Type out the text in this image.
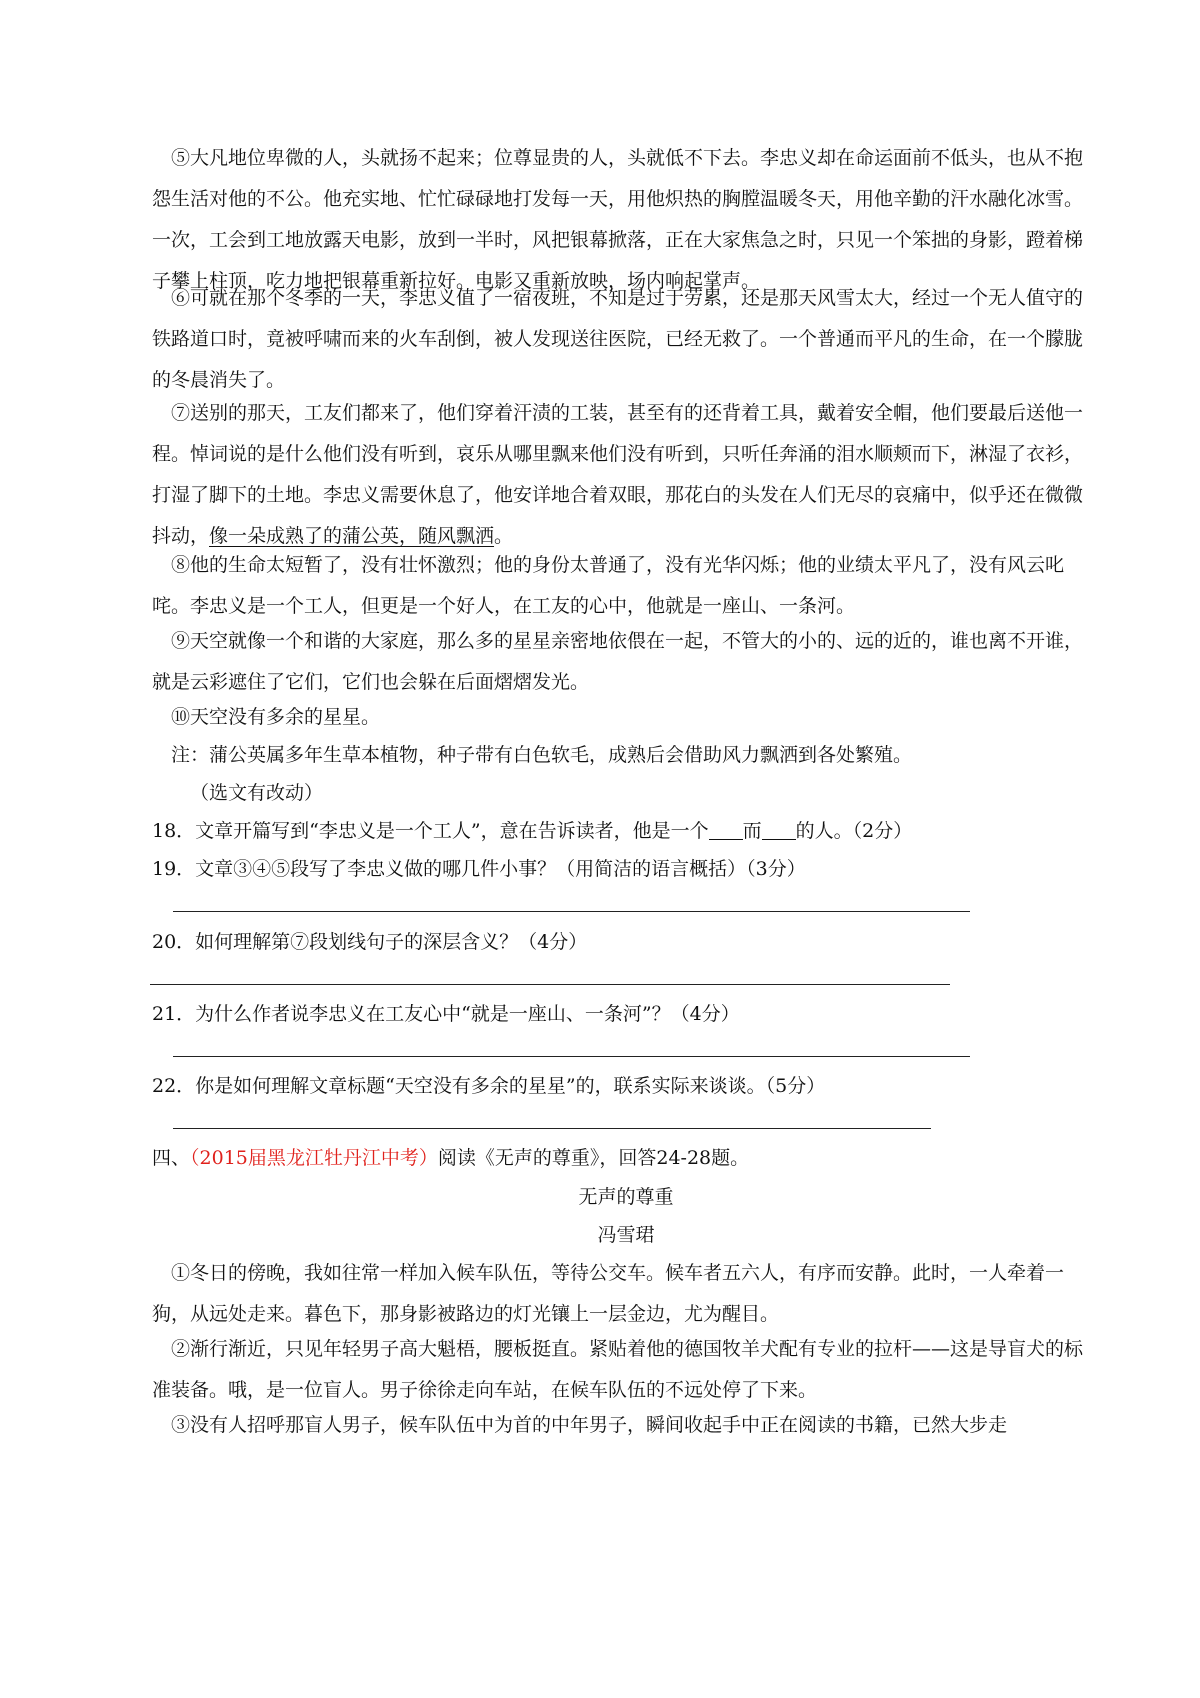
⑤大凡地位卑微的人，头就扬不起来；位尊显贵的人，头就低不下去。李忠义却在命运面前不低头，也从不抱怨生活对他的不公。他充实地、忙忙碌碌地打发每一天，用他炽热的胸膛温暖冬天，用他辛勤的汗水融化冰雪。一次，工会到工地放露天电影，放到一半时，风把银幕掀落，正在大家焦急之时，只见一个笨拙的身影，蹬着梯子攀上柱顶，吃力地把银幕重新拉好。电影又重新放映，场内响起掌声。

⑥可就在那个冬季的一天，李忠义值了一宿夜班，不知是过于劳累，还是那天风雪太大，经过一个无人值守的铁路道口时，竟被呼啸而来的火车刮倒，被人发现送往医院，已经无救了。一个普通而平凡的生命，在一个朦胧的冬晨消失了。

⑦送别的那天，工友们都来了，他们穿着汗渍的工装，甚至有的还背着工具，戴着安全帽，他们要最后送他一程。悼词说的是什么他们没有听到，哀乐从哪里飘来他们没有听到，只听任奔涌的泪水顺颊而下，淋湿了衣衫，打湿了脚下的土地。李忠义需要休息了，他安详地合着双眼，那花白的头发在人们无尽的哀痛中，似乎还在微微抖动，像一朵成熟了的蒲公英，随风飘洒。

⑧他的生命太短暂了，没有壮怀激烈；他的身份太普通了，没有光华闪烁；他的业绩太平凡了，没有风云叱咤。李忠义是一个工人，但更是一个好人，在工友的心中，他就是一座山、一条河。

⑨天空就像一个和谐的大家庭，那么多的星星亲密地依偎在一起，不管大的小的、远的近的，谁也离不开谁，就是云彩遮住了它们，它们也会躲在后面熠熠发光。

⑩天空没有多余的星星。

注：蒲公英属多年生草本植物，种子带有白色软毛，成熟后会借助风力飘洒到各处繁殖。

（选文有改动）

18．文章开篇写到“李忠义是一个工人”，意在告诉读者，他是一个 而 的人。（2分）

19．文章③④⑤段写了李忠义做的哪几件小事？（用简洁的语言概括）（3分）

20．如何理解第⑦段划线句子的深层含义？（4分）

21．为什么作者说李忠义在工友心中“就是一座山、一条河”？（4分）

22．你是如何理解文章标题“天空没有多余的星星”的，联系实际来谈谈。（5分）

四、（2015届黑龙江牡丹江中考）阅读《无声的尊重》，回答24-28题。

无声的尊重
冯雪珺

①冬日的傍晚，我如往常一样加入候车队伍，等待公交车。候车者五六人，有序而安静。此时，一人牵着一狗，从远处走来。暮色下，那身影被路边的灯光镶上一层金边，尤为醒目。

②渐行渐近，只见年轻男子高大魁梧，腰板挺直。紧贴着他的德国牧羊犬配有专业的拉杆——这是导盲犬的标准装备。哦，是一位盲人。男子徐徐走向车站，在候车队伍的不远处停了下来。

③没有人招呼那盲人男子，候车队伍中为首的中年男子，瞬间收起手中正在阅读的书籍，已然大步走
